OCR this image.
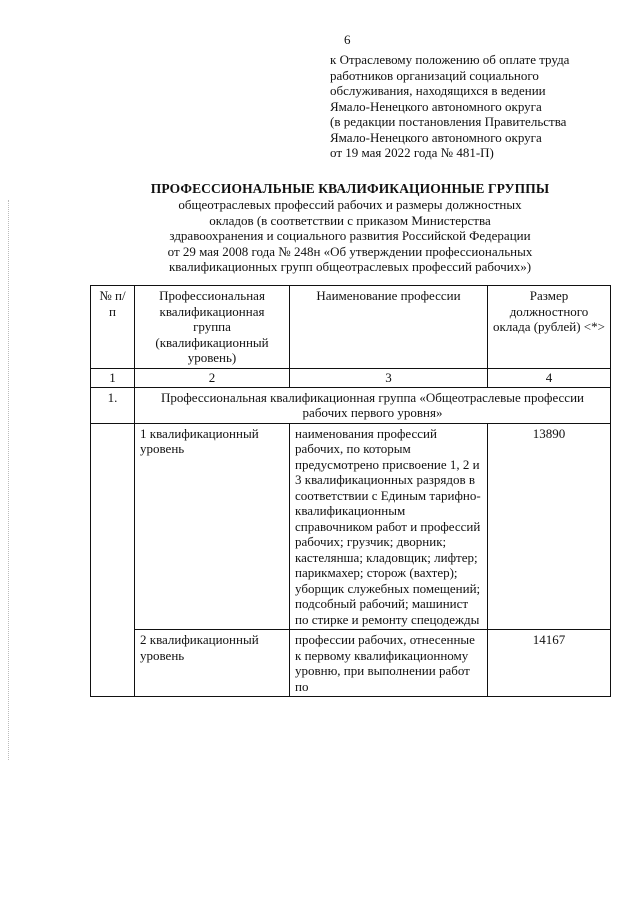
6
к Отраслевому положению об оплате труда
работников организаций социального
обслуживания, находящихся в ведении
Ямало-Ненецкого автономного округа
(в редакции постановления Правительства
Ямало-Ненецкого автономного округа
от 19 мая 2022 года № 481-П)
ПРОФЕССИОНАЛЬНЫЕ КВАЛИФИКАЦИОННЫЕ ГРУППЫ
общеотраслевых профессий рабочих и размеры должностных
окладов (в соответствии с приказом Министерства
здравоохранения и социального развития Российской Федерации
от 29 мая 2008 года № 248н «Об утверждении профессиональных
квалификационных групп общеотраслевых профессий рабочих»)
№ п/п	Профессиональная квалификационная группа (квалификационный уровень)	Наименование профессии	Размер должностного оклада (рублей) <*>
1	2	3	4
1.	Профессиональная квалификационная группа «Общеотраслевые профессии рабочих первого уровня»		
	1 квалификационный уровень	наименования профессий рабочих, по которым предусмотрено присвоение 1, 2 и 3 квалификационных разрядов в соответствии с Единым тарифно-квалификационным справочником работ и профессий рабочих; грузчик; дворник; кастелянша; кладовщик; лифтер; парикмахер; сторож (вахтер); уборщик служебных помещений; подсобный рабочий; машинист по стирке и ремонту спецодежды	13890
	2 квалификационный уровень	профессии рабочих, отнесенные к первому квалификационному уровню, при выполнении работ по	14167
